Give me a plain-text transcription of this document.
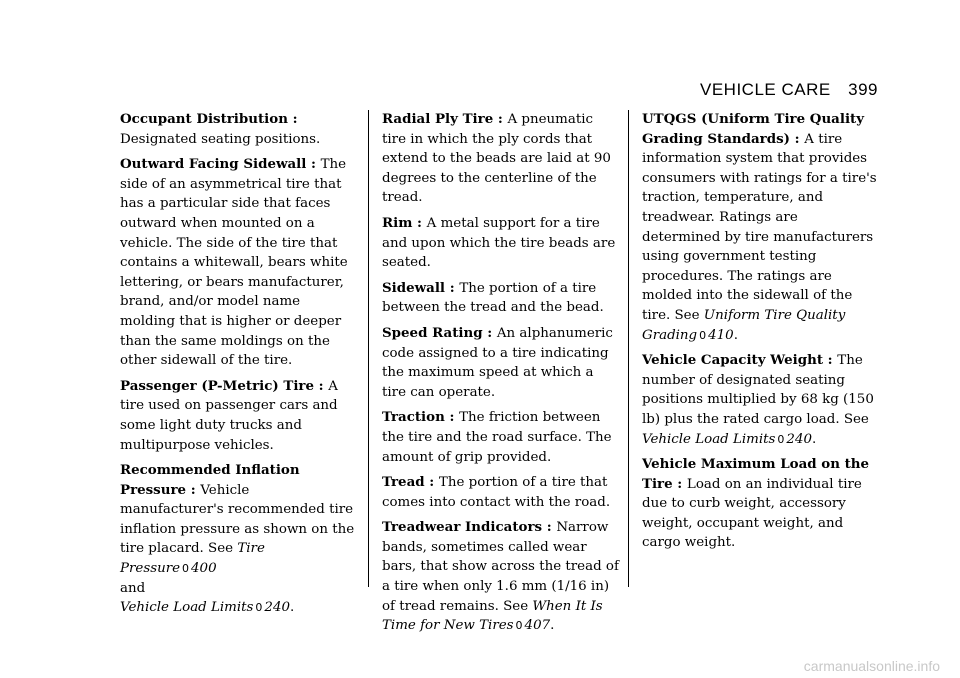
VEHICLE CARE 399

Occupant Distribution :
Designated seating positions.

Outward Facing Sidewall : The side of an asymmetrical tire that has a particular side that faces outward when mounted on a vehicle. The side of the tire that contains a whitewall, bears white lettering, or bears manufacturer, brand, and/or model name molding that is higher or deeper than the same moldings on the other sidewall of the tire.

Passenger (P-Metric) Tire : A tire used on passenger cars and some light duty trucks and multipurpose vehicles.

Recommended Inflation Pressure : Vehicle manufacturer's recommended tire inflation pressure as shown on the tire placard. See Tire Pressure 0 400
and
Vehicle Load Limits 0 240.

Radial Ply Tire : A pneumatic tire in which the ply cords that extend to the beads are laid at 90 degrees to the centerline of the tread.

Rim : A metal support for a tire and upon which the tire beads are seated.

Sidewall : The portion of a tire between the tread and the bead.

Speed Rating : An alphanumeric code assigned to a tire indicating the maximum speed at which a tire can operate.

Traction : The friction between the tire and the road surface. The amount of grip provided.

Tread : The portion of a tire that comes into contact with the road.

Treadwear Indicators : Narrow bands, sometimes called wear bars, that show across the tread of a tire when only 1.6 mm (1/16 in) of tread remains. See When It Is Time for New Tires 0 407.

UTQGS (Uniform Tire Quality Grading Standards) : A tire information system that provides consumers with ratings for a tire's traction, temperature, and treadwear. Ratings are determined by tire manufacturers using government testing procedures. The ratings are molded into the sidewall of the tire. See Uniform Tire Quality Grading 0 410.

Vehicle Capacity Weight : The number of designated seating positions multiplied by 68 kg (150 lb) plus the rated cargo load. See Vehicle Load Limits 0 240.

Vehicle Maximum Load on the Tire : Load on an individual tire due to curb weight, accessory weight, occupant weight, and cargo weight.

carmanualsonline.info
